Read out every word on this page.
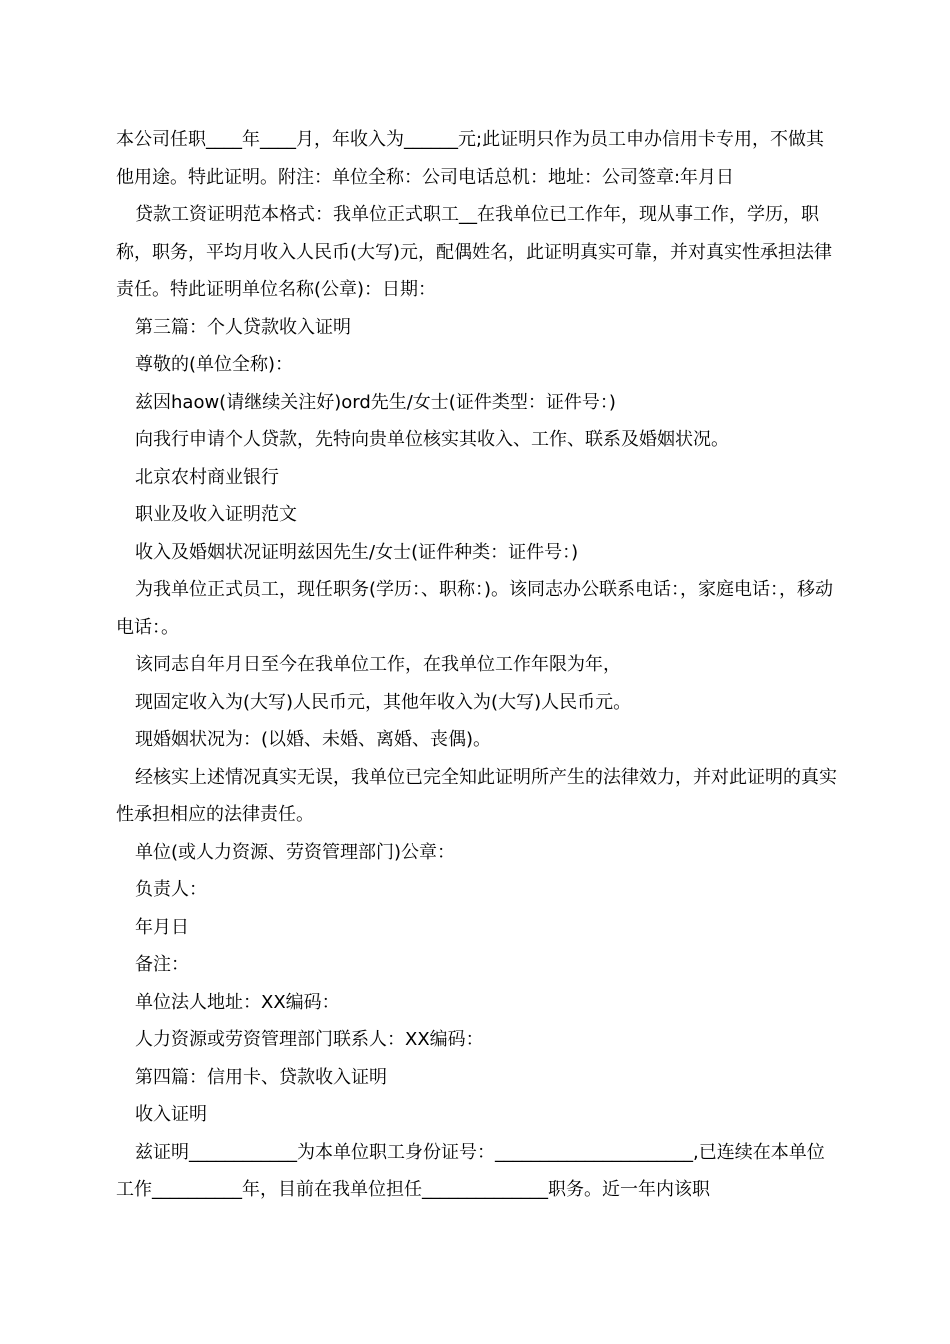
本公司任职____年____月，年收入为______元;此证明只作为员工申办信用卡专用，不做其他用途。特此证明。附注：单位全称：公司电话总机：地址：公司签章:年月日

贷款工资证明范本格式：我单位正式职工__在我单位已工作年，现从事工作，学历，职称，职务，平均月收入人民币(大写)元，配偶姓名，此证明真实可靠，并对真实性承担法律责任。特此证明单位名称(公章)：日期：

第三篇：个人贷款收入证明

尊敬的(单位全称)：

兹因haow(请继续关注好)ord先生/女士(证件类型：证件号：)

向我行申请个人贷款，先特向贵单位核实其收入、工作、联系及婚姻状况。

北京农村商业银行

职业及收入证明范文

收入及婚姻状况证明兹因先生/女士(证件种类：证件号：)

为我单位正式员工，现任职务(学历：、职称：)。该同志办公联系电话：，家庭电话：，移动电话：。

该同志自年月日至今在我单位工作，在我单位工作年限为年，

现固定收入为(大写)人民币元，其他年收入为(大写)人民币元。

现婚姻状况为：(以婚、未婚、离婚、丧偶)。

经核实上述情况真实无误，我单位已完全知此证明所产生的法律效力，并对此证明的真实性承担相应的法律责任。

单位(或人力资源、劳资管理部门)公章：

负责人：

年月日

备注：

单位法人地址：XX编码：

人力资源或劳资管理部门联系人：XX编码：

第四篇：信用卡、贷款收入证明

收入证明

兹证明____________为本单位职工身份证号：______________________,已连续在本单位工作__________年，目前在我单位担任______________职务。近一年内该职
